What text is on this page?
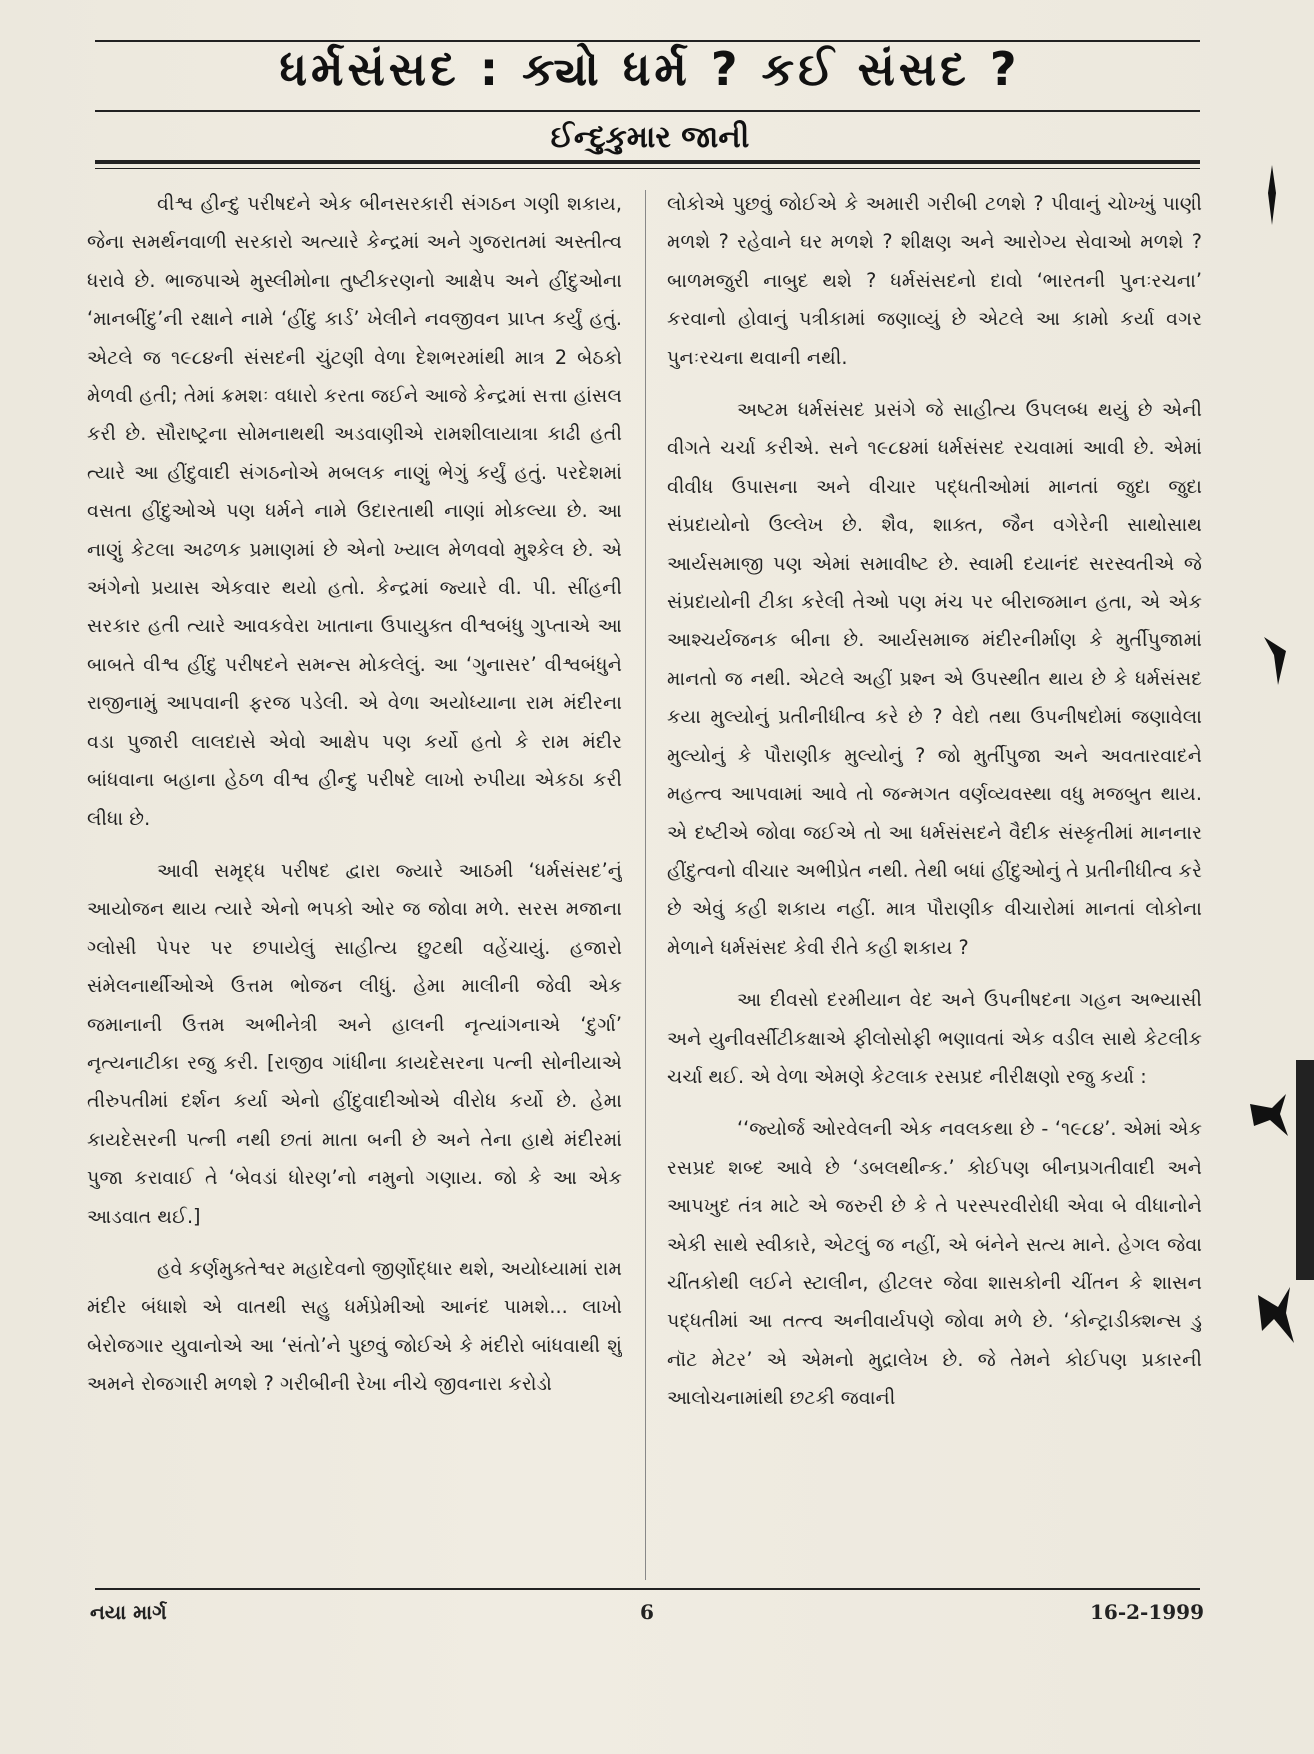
ધર્મસંસદ : ક્યો ધર્મ ? કઈ સંસદ ?
ઈન્દુકુમાર જાની

વીશ્વ હીન્દુ પરીષદને એક બીનસરકારી સંગઠન ગણી શકાય, જેના સમર્થનવાળી સરકારો અત્યારે કેન્દ્રમાં અને ગુજરાતમાં અસ્તીત્વ ધરાવે છે. ભાજપાએ મુસ્લીમોના તુષ્ટીકરણનો આક્ષેપ અને હીંદુઓના ‘માનબીંદુ’ની રક્ષાને નામે ‘હીંદુ કાર્ડ’ ખેલીને નવજીવન પ્રાપ્ત કર્યું હતું. એટલે જ ૧૯૮૪ની સંસદની ચુંટણી વેળા દેશભરમાંથી માત્ર 2 બેઠકો મેળવી હતી; તેમાં ક્રમશઃ વધારો કરતા જઈને આજે કેન્દ્રમાં સત્તા હાંસલ કરી છે. સૌરાષ્ટ્રના સોમનાથથી અડવાણીએ રામશીલાયાત્રા કાઢી હતી ત્યારે આ હીંદુવાદી સંગઠનોએ મબલક નાણું ભેગું કર્યું હતું. પરદેશમાં વસતા હીંદુઓએ પણ ધર્મને નામે ઉદારતાથી નાણાં મોકલ્યા છે. આ નાણું કેટલા અઢળક પ્રમાણમાં છે એનો ખ્યાલ મેળવવો મુશ્કેલ છે. એ અંગેનો પ્રયાસ એકવાર થયો હતો. કેન્દ્રમાં જ્યારે વી. પી. સીંહની સરકાર હતી ત્યારે આવકવેરા ખાતાના ઉપાયુક્ત વીશ્વબંધુ ગુપ્તાએ આ બાબતે વીશ્વ હીંદુ પરીષદને સમન્સ મોકલેલું. આ ‘ગુનાસર’ વીશ્વબંધુને રાજીનામું આપવાની ફરજ પડેલી. એ વેળા અયોધ્યાના રામ મંદીરના વડા પુજારી લાલદાસે એવો આક્ષેપ પણ કર્યો હતો કે રામ મંદીર બાંધવાના બહાના હેઠળ વીશ્વ હીન્દુ પરીષદે લાખો રુપીયા એકઠા કરી લીધા છે.

આવી સમૃદ્ધ પરીષદ દ્વારા જ્યારે આઠમી ‘ધર્મસંસદ’નું આયોજન થાય ત્યારે એનો ભપકો ઓર જ જોવા મળે. સરસ મજાના ગ્લોસી પેપર પર છપાયેલું સાહીત્ય છુટથી વહેંચાયું. હજારો સંમેલનાર્થીઓએ ઉત્તમ ભોજન લીધું. હેમા માલીની જેવી એક જમાનાની ઉત્તમ અભીનેત્રી અને હાલની નૃત્યાંગનાએ ‘દુર્ગા’ નૃત્યનાટીકા રજુ કરી. [રાજીવ ગાંધીના કાયદેસરના પત્ની સોનીયાએ તીરુપતીમાં દર્શન કર્યા એનો હીંદુવાદીઓએ વીરોધ કર્યો છે. હેમા કાયદેસરની પત્ની નથી છતાં માતા બની છે અને તેના હાથે મંદીરમાં પુજા કરાવાઈ તે ‘બેવડાં ધોરણ’નો નમુનો ગણાય. જો કે આ એક આડવાત થઈ.]

હવે કર્ણમુક્તેશ્વર મહાદેવનો જીર્ણોદ્ધાર થશે, અયોધ્યામાં રામ મંદીર બંધાશે એ વાતથી સહુ ધર્મપ્રેમીઓ આનંદ પામશે... લાખો બેરોજગાર યુવાનોએ આ ‘સંતો’ને પુછવું જોઈએ કે મંદીરો બાંધવાથી શું અમને રોજગારી મળશે ? ગરીબીની રેખા નીચે જીવનારા કરોડો

લોકોએ પુછવું જોઈએ કે અમારી ગરીબી ટળશે ? પીવાનું ચોખ્ખું પાણી મળશે ? રહેવાને ઘર મળશે ? શીક્ષણ અને આરોગ્ય સેવાઓ મળશે ? બાળમજુરી નાબુદ થશે ? ધર્મસંસદનો દાવો ‘ભારતની પુનઃરચના’ કરવાનો હોવાનું પત્રીકામાં જણાવ્યું છે એટલે આ કામો કર્યા વગર પુનઃરચના થવાની નથી.

અષ્ટમ ધર્મસંસદ પ્રસંગે જે સાહીત્ય ઉપલબ્ધ થયું છે એની વીગતે ચર્ચા કરીએ. સને ૧૯૮૪માં ધર્મસંસદ રચવામાં આવી છે. એમાં વીવીધ ઉપાસના અને વીચાર પદ્ધતીઓમાં માનતાં જુદા જુદા સંપ્રદાયોનો ઉલ્લેખ છે. શૈવ, શાક્ત, જૈન વગેરેની સાથોસાથ આર્યસમાજી પણ એમાં સમાવીષ્ટ છે. સ્વામી દયાનંદ સરસ્વતીએ જે સંપ્રદાયોની ટીકા કરેલી તેઓ પણ મંચ પર બીરાજમાન હતા, એ એક આશ્ચર્યજનક બીના છે. આર્યસમાજ મંદીરનીર્માણ કે મુર્તીપુજામાં માનતો જ નથી. એટલે અહીં પ્રશ્ન એ ઉપસ્થીત થાય છે કે ધર્મસંસદ કયા મુલ્યોનું પ્રતીનીધીત્વ કરે છે ? વેદો તથા ઉપનીષદોમાં જણાવેલા મુલ્યોનું કે પૌરાણીક મુલ્યોનું ? જો મુર્તીપુજા અને અવતારવાદને મહત્ત્વ આપવામાં આવે તો જન્મગત વર્ણવ્યવસ્થા વધુ મજબુત થાય. એ દષ્ટીએ જોવા જઈએ તો આ ધર્મસંસદને વૈદીક સંસ્કૃતીમાં માનનાર હીંદુત્વનો વીચાર અભીપ્રેત નથી. તેથી બધાં હીંદુઓનું તે પ્રતીનીધીત્વ કરે છે એવું કહી શકાય નહીં. માત્ર પૌરાણીક વીચારોમાં માનતાં લોકોના મેળાને ધર્મસંસદ કેવી રીતે કહી શકાય ?

આ દીવસો દરમીયાન વેદ અને ઉપનીષદના ગહન અભ્યાસી અને યુનીવર્સીટીકક્ષાએ ફીલોસોફી ભણાવતાં એક વડીલ સાથે કેટલીક ચર્ચા થઈ. એ વેળા એમણે કેટલાક રસપ્રદ નીરીક્ષણો રજુ કર્યા :

‘‘જ્યોર્જ ઓરવેલની એક નવલકથા છે - ‘૧૯૮૪’. એમાં એક રસપ્રદ શબ્દ આવે છે ‘ડબલથીન્ક.’ કોઈપણ બીનપ્રગતીવાદી અને આપખુદ તંત્ર માટે એ જરુરી છે કે તે પરસ્પરવીરોધી એવા બે વીધાનોને એકી સાથે સ્વીકારે, એટલું જ નહીં, એ બંનેને સત્ય માને. હેગલ જેવા ચીંતકોથી લઈને સ્ટાલીન, હીટલર જેવા શાસકોની ચીંતન કે શાસન પદ્ધતીમાં આ તત્ત્વ અનીવાર્યપણે જોવા મળે છે. ‘કોન્ટ્રાડીક્શન્સ ડુ નૉટ મેટર’ એ એમનો મુદ્રાલેખ છે. જે તેમને કોઈપણ પ્રકારની આલોચનામાંથી છટકી જવાની

નયા માર્ગ	6	16-2-1999
